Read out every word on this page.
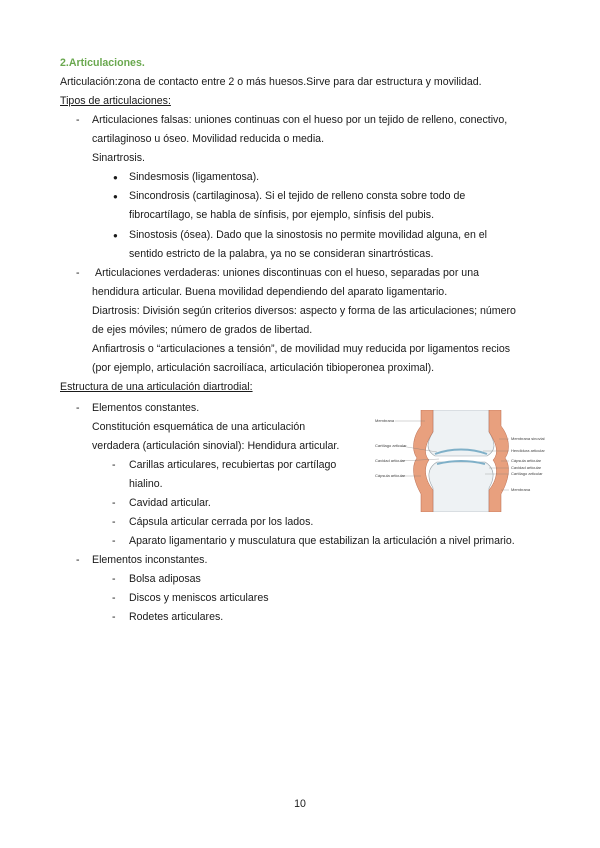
2.Articulaciones.
Articulación:zona de contacto entre 2 o más huesos.Sirve para dar estructura y movilidad.
Tipos de articulaciones:
- Articulaciones falsas: uniones continuas con el hueso por un tejido de relleno, conectivo,
cartilaginoso u óseo. Movilidad reducida o media.
Sinartrosis.
● Sindesmosis (ligamentosa).
● Sincondrosis (cartilaginosa). Si el tejido de relleno consta sobre todo de
fibrocartílago, se habla de sínfisis, por ejemplo, sínfisis del pubis.
● Sinostosis (ósea). Dado que la sinostosis no permite movilidad alguna, en el
sentido estricto de la palabra, ya no se consideran sinartrósticas.
- Articulaciones verdaderas: uniones discontinuas con el hueso, separadas por una
hendidura articular. Buena movilidad dependiendo del aparato ligamentario.
Diartrosis: División según criterios diversos: aspecto y forma de las articulaciones; número
de ejes móviles; número de grados de libertad.
Anfiartrosis o “articulaciones a tensión”, de movilidad muy reducida por ligamentos recios
(por ejemplo, articulación sacroilíaca, articulación tibioperonea proximal).
Estructura de una articulación diartrodial:
- Elementos constantes.
Constitución esquemática de una articulación
verdadera (articulación sinovial): Hendidura articular.
- Carillas articulares, recubiertas por cartílago
hialino.
- Cavidad articular.
- Cápsula articular cerrada por los lados.
- Aparato ligamentario y musculatura que estabilizan la articulación a nivel primario.
- Elementos inconstantes.
- Bolsa adiposas
- Discos y meniscos articulares
- Rodetes articulares.
Membrana
Cartílago articular
Cavidad articular
Cápsula articular
Membrana sinovial
Hendidura articular
Cápsula articular
Cavidad articular
Cartílago articular
Membrana
10
